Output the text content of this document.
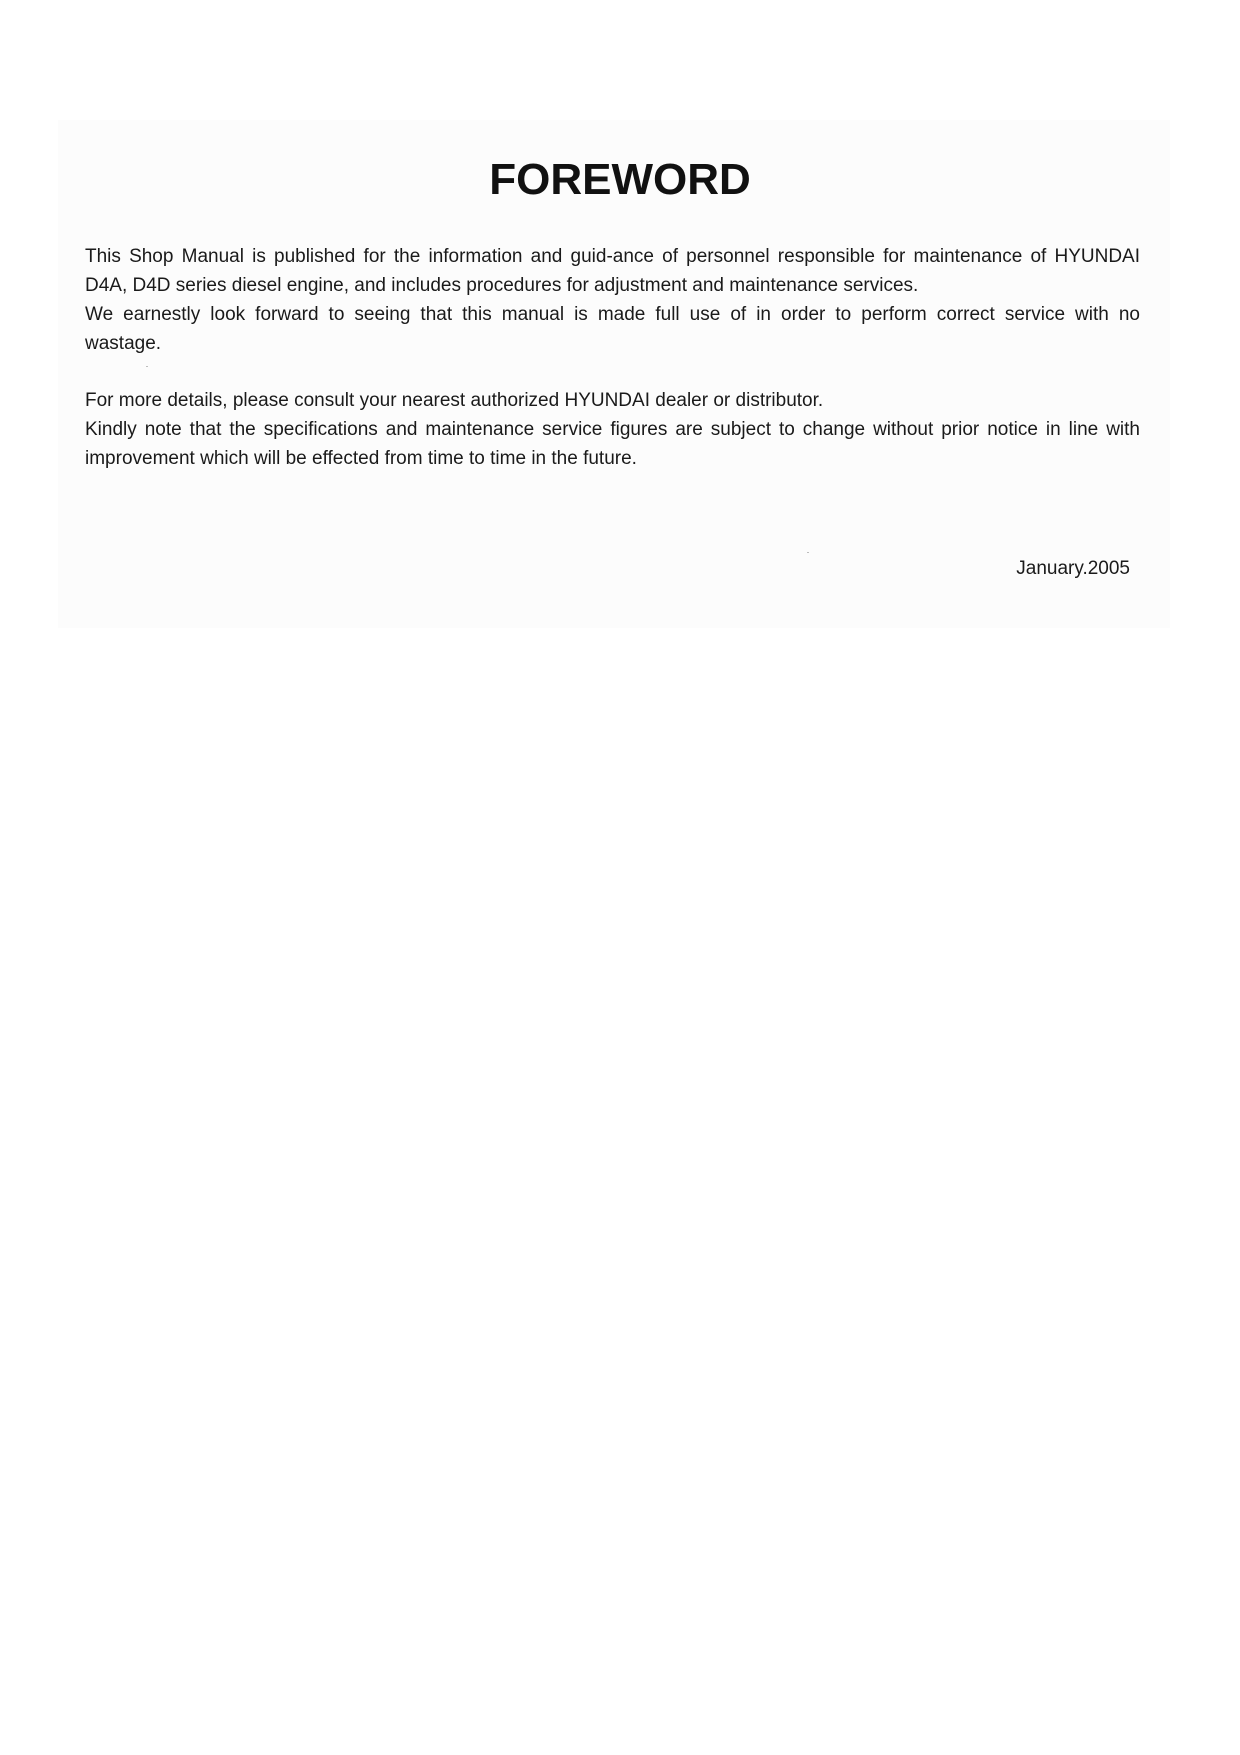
FOREWORD
This Shop Manual is published for the information and guid-ance of personnel responsible for maintenance of HYUNDAI
D4A, D4D series diesel engine, and includes procedures for adjustment and maintenance services.
We earnestly look forward to seeing that this manual is made full use of in order to perform correct service with no
wastage.
For more details, please consult your nearest authorized HYUNDAI dealer or distributor.
Kindly note that the specifications and maintenance service figures are subject to change without prior notice in line with
improvement which will be effected from time to time in the future.
January.2005
